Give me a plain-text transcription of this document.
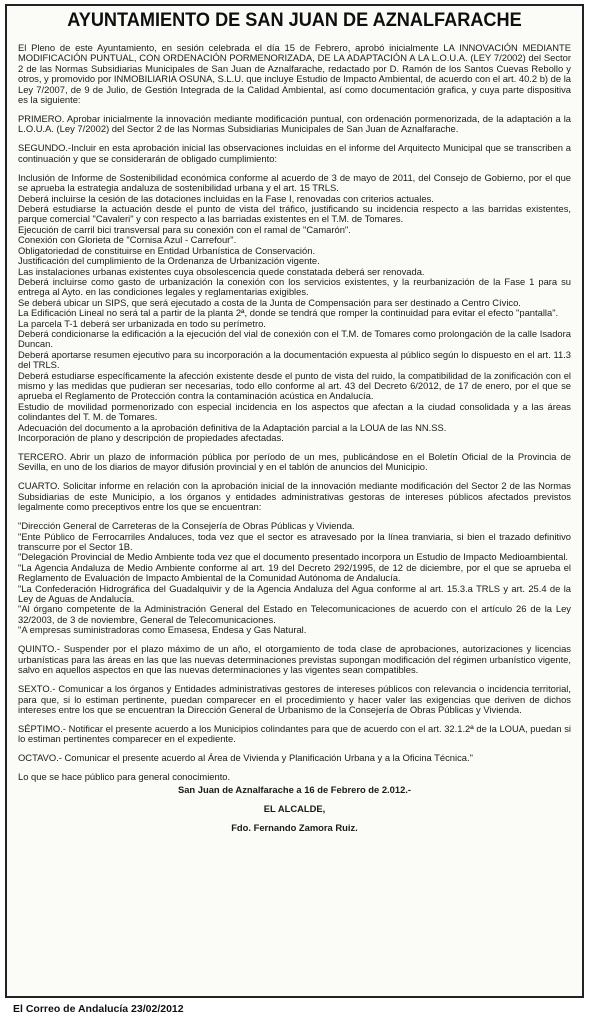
AYUNTAMIENTO DE SAN JUAN DE AZNALFARACHE

El Pleno de este Ayuntamiento, en sesión celebrada el día 15 de Febrero, aprobó inicialmente LA INNOVACIÓN MEDIANTE MODIFICACIÓN PUNTUAL, CON ORDENACIÓN PORMENORIZADA, DE LA ADAPTACIÓN A LA L.O.U.A. (LEY 7/2002) del Sector 2 de las Normas Subsidiarias Municipales de San Juan de Aznalfarache, redactado por D. Ramón de los Santos Cuevas Rebollo y otros, y promovido por INMOBILIARIA OSUNA, S.L.U. que incluye Estudio de Impacto Ambiental, de acuerdo con el art. 40.2 b) de la Ley 7/2007, de 9 de Julio, de Gestión Integrada de la Calidad Ambiental, así como documentación grafica, y cuya parte dispositiva es la siguiente:

PRIMERO. Aprobar inicialmente la innovación mediante modificación puntual, con ordenación pormenorizada, de la adaptación a la L.O.U.A. (Ley 7/2002) del Sector 2 de las Normas Subsidiarias Municipales de San Juan de Aznalfarache.

SEGUNDO.-Incluir en esta aprobación inicial las observaciones incluidas en el informe del Arquitecto Municipal que se transcriben a continuación y que se considerarán de obligado cumplimiento:

Inclusión de Informe de Sostenibilidad económica conforme al acuerdo de 3 de mayo de 2011, del Consejo de Gobierno, por el que se aprueba la estrategia andaluza de sostenibilidad urbana y el art. 15 TRLS.

Deberá incluirse la cesión de las dotaciones incluidas en la Fase I, renovadas con criterios actuales.

Deberá estudiarse la actuación desde el punto de vista del tráfico, justificando su incidencia respecto a las barridas existentes, parque comercial "Cavaleri" y con respecto a las barriadas existentes en el T.M. de Tomares.

Ejecución de carril bici transversal para su conexión con el ramal de "Camarón".

Conexión con Glorieta de "Cornisa Azul - Carrefour".

Obligatoriedad de constituirse en Entidad Urbanística de Conservación.

Justificación del cumplimiento de la Ordenanza de Urbanización vigente.

Las instalaciones urbanas existentes cuya obsolescencia quede constatada deberá ser renovada.

Deberá incluirse como gasto de urbanización la conexión con los servicios existentes, y la reurbanización de la Fase 1 para su entrega al Ayto. en las condiciones legales y reglamentarias exigibles.

Se deberá ubicar un SIPS, que será ejecutado a costa de la Junta de Compensación para ser destinado a Centro Cívico.

La Edificación Lineal no será tal a partir de la planta 2ª, donde se tendrá que romper la continuidad para evitar el efecto "pantalla".

La parcela T-1 deberá ser urbanizada en todo su perímetro.

Deberá condicionarse la edificación a la ejecución del vial de conexión con el T.M. de Tomares como prolongación de la calle Isadora Duncan.

Deberá aportarse resumen ejecutivo para su incorporación a la documentación expuesta al público según lo dispuesto en el art. 11.3 del TRLS.

Deberá estudiarse específicamente la afección existente desde el punto de vista del ruido, la compatibilidad de la zonificación con el mismo y las medidas que pudieran ser necesarias, todo ello conforme al art. 43 del Decreto 6/2012, de 17 de enero, por el que se aprueba el Reglamento de Protección contra la contaminación acústica en Andalucía.

Estudio de movilidad pormenorizado con especial incidencia en los aspectos que afectan a la ciudad consolidada y a las áreas colindantes del T. M. de Tomares.

Adecuación del documento a la aprobación definitiva de la Adaptación parcial a la LOUA de las NN.SS.

Incorporación de plano y descripción de propiedades afectadas.

TERCERO. Abrir un plazo de información pública por período de un mes, publicándose en el Boletín Oficial de la Provincia de Sevilla, en uno de los diarios de mayor difusión provincial y en el tablón de anuncios del Municipio.

CUARTO. Solicitar informe en relación con la aprobación inicial de la innovación mediante modificación del Sector 2 de las Normas Subsidiarias de este Municipio, a los órganos y entidades administrativas gestoras de intereses públicos afectados previstos legalmente como preceptivos entre los que se encuentran:

"Dirección General de Carreteras de la Consejería de Obras Públicas y Vivienda.

"Ente Público de Ferrocarriles Andaluces, toda vez que el sector es atravesado por la línea tranviaria, si bien el trazado definitivo transcurre por el Sector 1B.

"Delegación Provincial de Medio Ambiente toda vez que el documento presentado incorpora un Estudio de Impacto Medioambiental.

"La Agencia Andaluza de Medio Ambiente conforme al art. 19 del Decreto 292/1995, de 12 de diciembre, por el que se aprueba el Reglamento de Evaluación de Impacto Ambiental de la Comunidad Autónoma de Andalucía.

"La Confederación Hidrográfica del Guadalquivir y de la Agencia Andaluza del Agua conforme al art. 15.3.a TRLS y art. 25.4 de la Ley de Aguas de Andalucía.

"Al órgano competente de la Administración General del Estado en Telecomunicaciones de acuerdo con el artículo 26 de la Ley 32/2003, de 3 de noviembre, General de Telecomunicaciones.

"A empresas suministradoras como Emasesa, Endesa y Gas Natural.

QUINTO.- Suspender por el plazo máximo de un año, el otorgamiento de toda clase de aprobaciones, autorizaciones y licencias urbanísticas para las áreas en las que las nuevas determinaciones previstas supongan modificación del régimen urbanístico vigente, salvo en aquellos aspectos en que las nuevas determinaciones y las vigentes sean compatibles.

SEXTO.- Comunicar a los órganos y Entidades administrativas gestores de intereses públicos con relevancia o incidencia territorial, para que, si lo estiman pertinente, puedan comparecer en el procedimiento y hacer valer las exigencias que deriven de dichos intereses entre los que se encuentran la Dirección General de Urbanismo de la Consejería de Obras Públicas y Vivienda.

SÉPTIMO.- Notificar el presente acuerdo a los Municipios colindantes para que de acuerdo con el art. 32.1.2ª de la LOUA, puedan si lo estiman pertinentes comparecer en el expediente.

OCTAVO.- Comunicar el presente acuerdo al Área de Vivienda y Planificación Urbana y a la Oficina Técnica."

Lo que se hace público para general conocimiento.

San Juan de Aznalfarache a 16 de Febrero de 2.012.-

EL ALCALDE,

Fdo. Fernando Zamora Ruiz.

El Correo de Andalucía 23/02/2012
